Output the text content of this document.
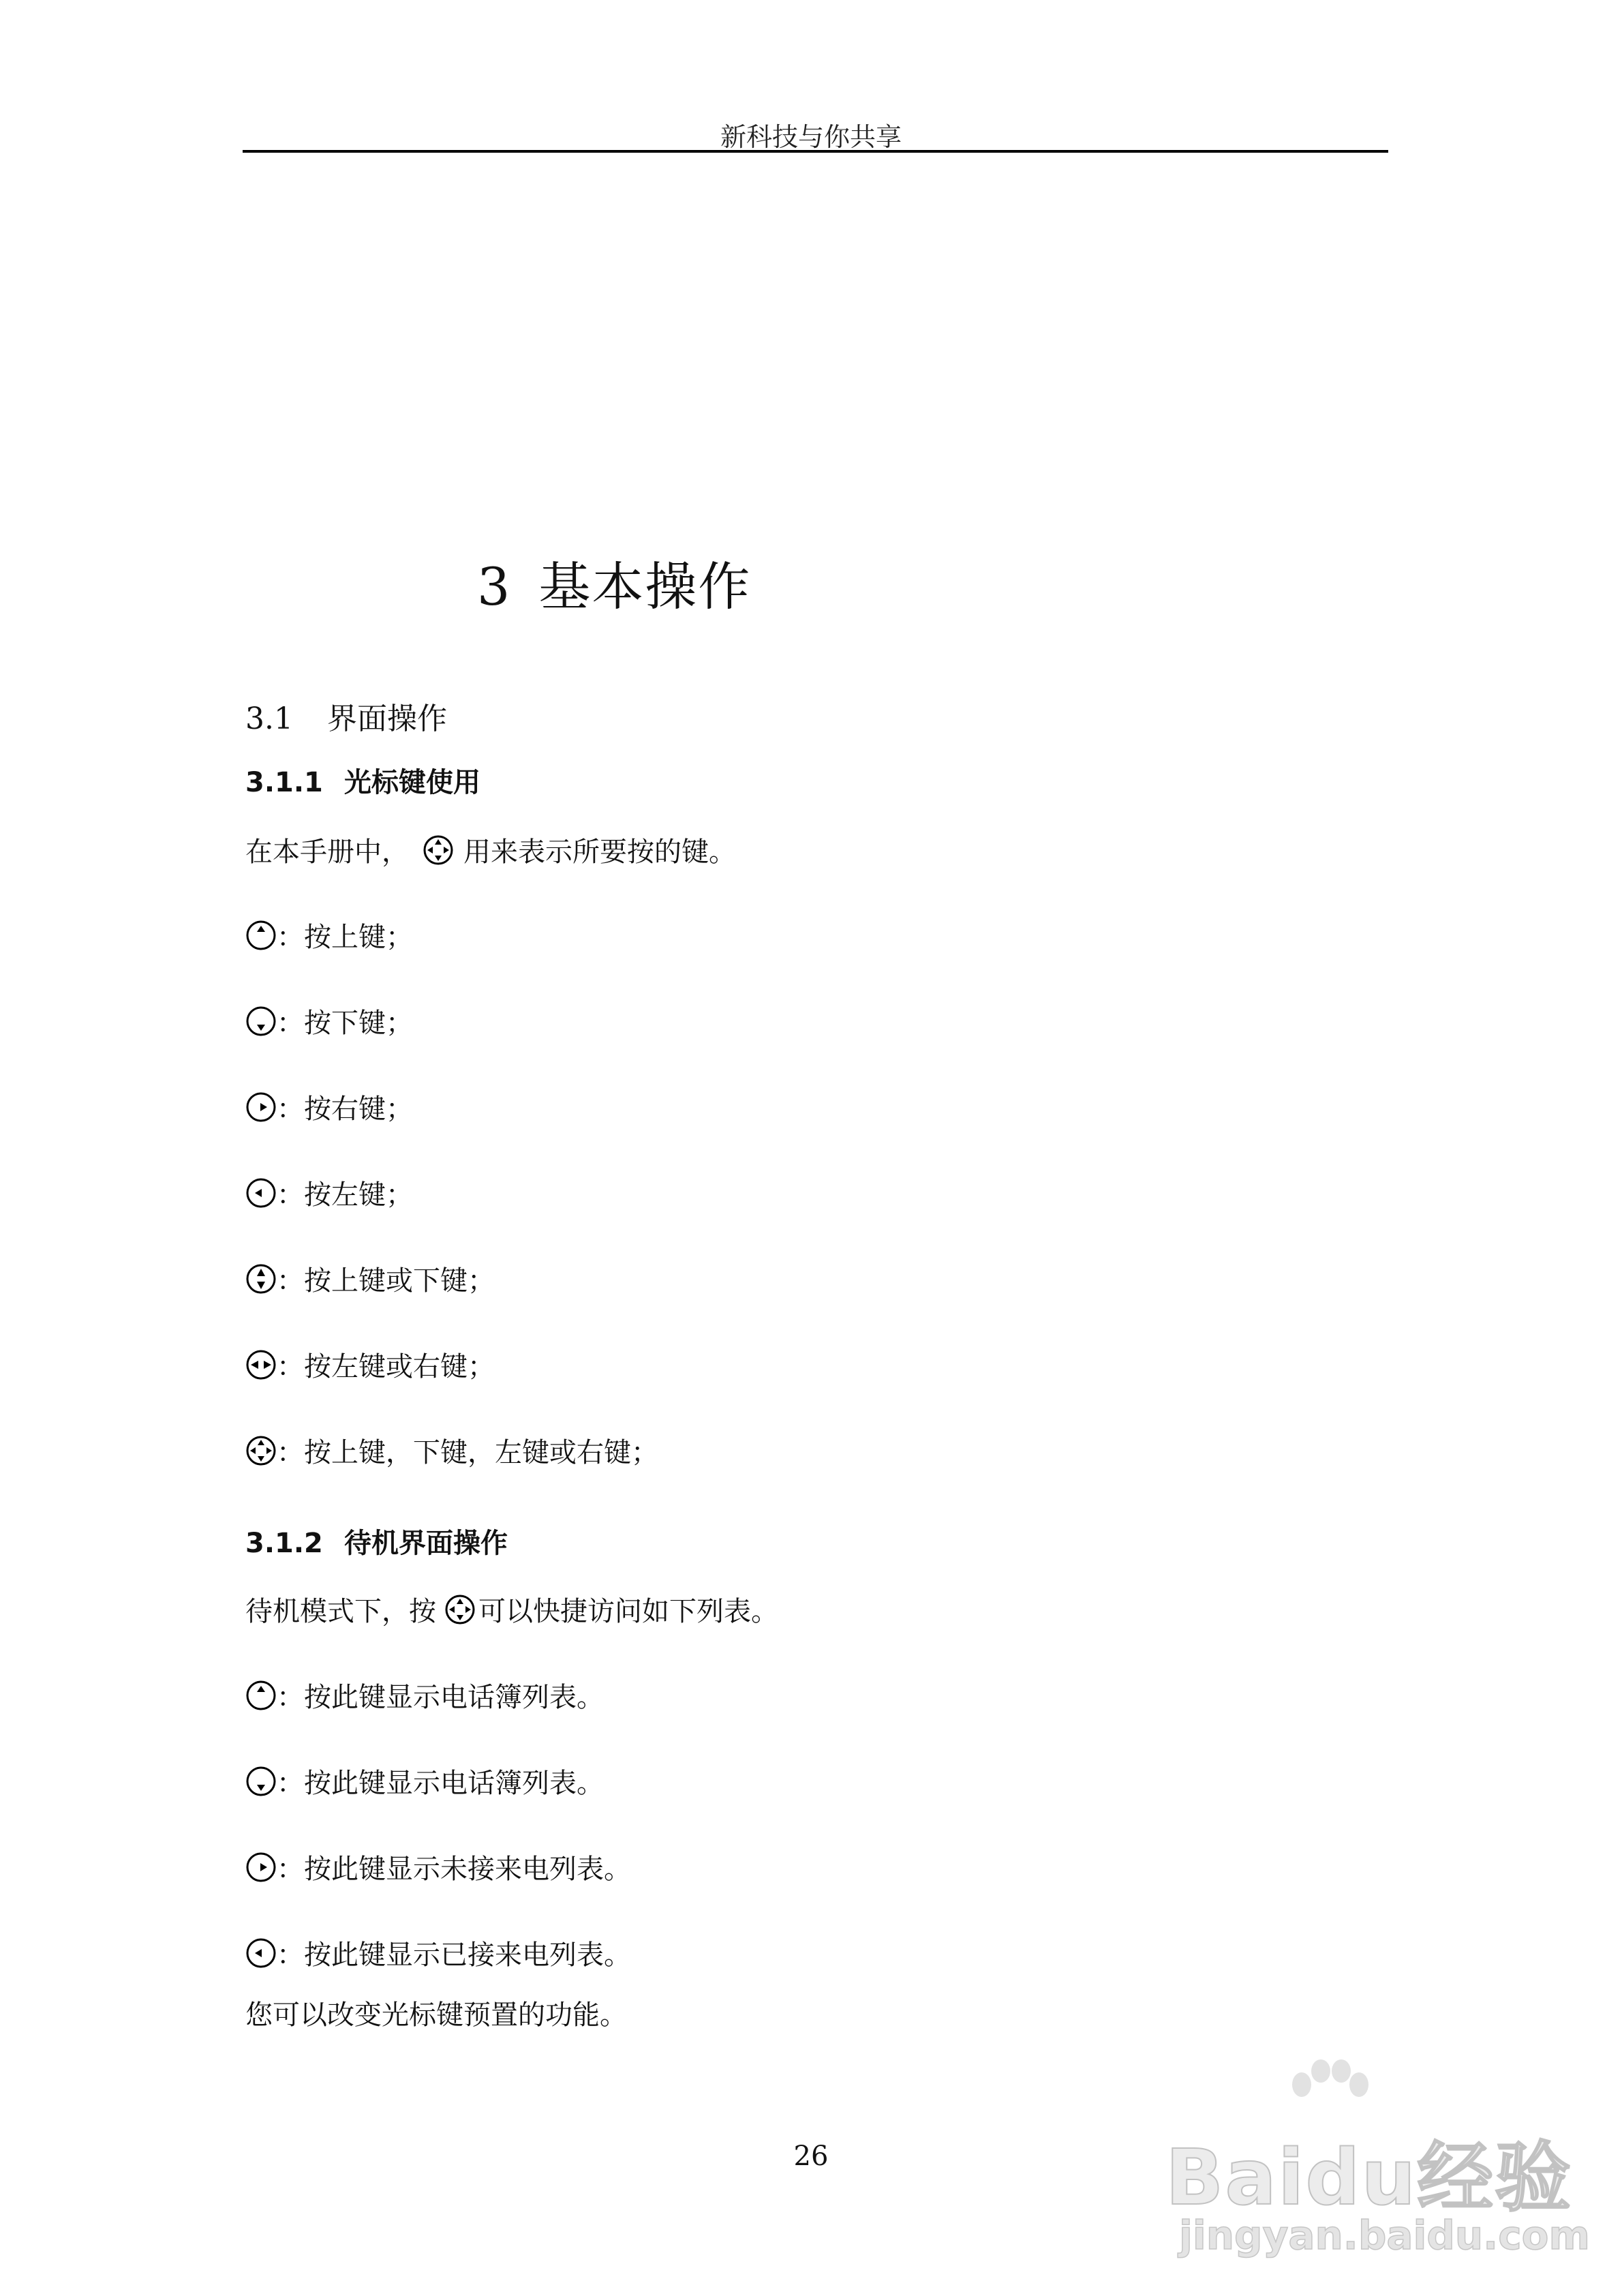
新科技与你共享
3 基本操作
3.1 界面操作
3.1.1 光标键使用
在本手册中， 用来表示所要按的键。
：按上键；
：按下键；
：按右键；
：按左键；
：按上键或下键；
：按左键或右键；
：按上键，下键，左键或右键；
3.1.2 待机界面操作
待机模式下，按 可以快捷访问如下列表。
：按此键显示电话簿列表。
：按此键显示电话簿列表。
：按此键显示未接来电列表。
：按此键显示已接来电列表。
您可以改变光标键预置的功能。
26	Baidu经验
jingyan.baidu.com
